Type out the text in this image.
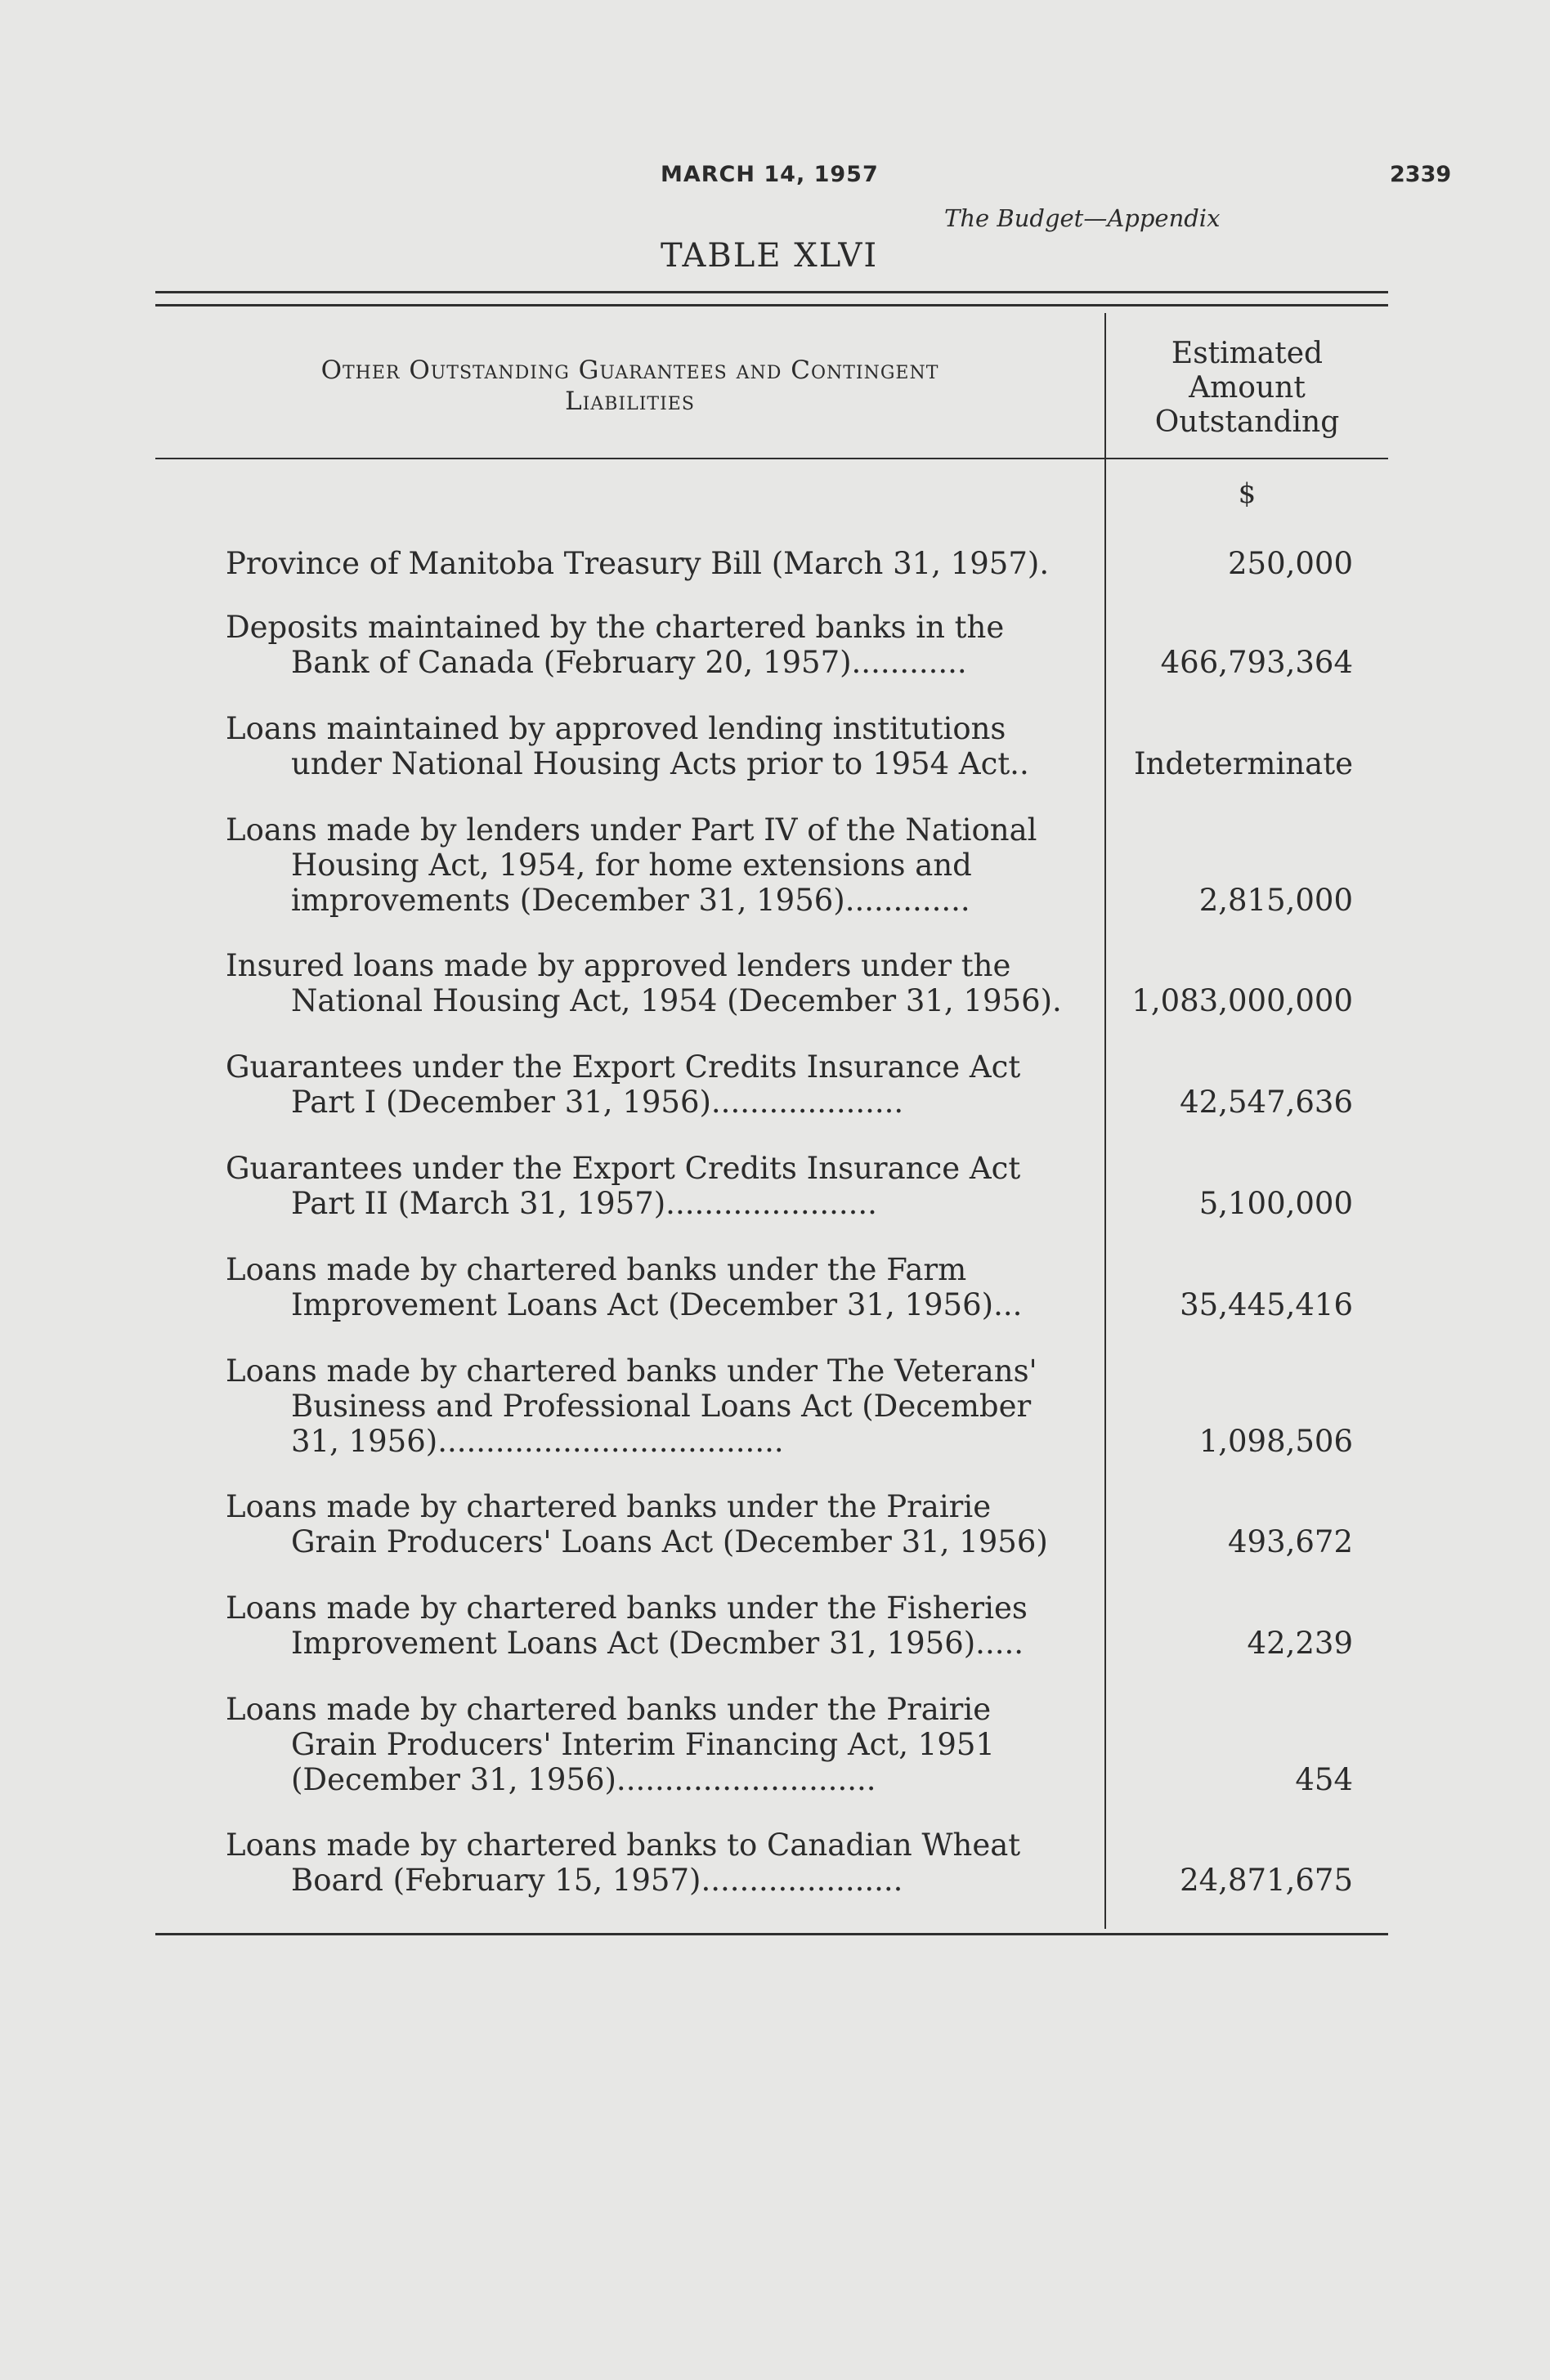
MARCH 14, 1957	2339
The Budget—Appendix
TABLE XLVI
Other Outstanding Guarantees and Contingent
Liabilities
Estimated
Amount
Outstanding
$
Province of Manitoba Treasury Bill (March 31, 1957).	250,000
Deposits maintained by the chartered banks in the
Bank of Canada (February 20, 1957)............	466,793,364
Loans maintained by approved lending institutions
under National Housing Acts prior to 1954 Act..	Indeterminate
Loans made by lenders under Part IV of the National
Housing Act, 1954, for home extensions and
improvements (December 31, 1956).............	2,815,000
Insured loans made by approved lenders under the
National Housing Act, 1954 (December 31, 1956).	1,083,000,000
Guarantees under the Export Credits Insurance Act
Part I (December 31, 1956)....................	42,547,636
Guarantees under the Export Credits Insurance Act
Part II (March 31, 1957)......................	5,100,000
Loans made by chartered banks under the Farm
Improvement Loans Act (December 31, 1956)...	35,445,416
Loans made by chartered banks under The Veterans'
Business and Professional Loans Act (December
31, 1956)....................................	1,098,506
Loans made by chartered banks under the Prairie
Grain Producers' Loans Act (December 31, 1956)	493,672
Loans made by chartered banks under the Fisheries
Improvement Loans Act (Decmber 31, 1956).....	42,239
Loans made by chartered banks under the Prairie
Grain Producers' Interim Financing Act, 1951
(December 31, 1956)...........................	454
Loans made by chartered banks to Canadian Wheat
Board (February 15, 1957).....................	24,871,675
